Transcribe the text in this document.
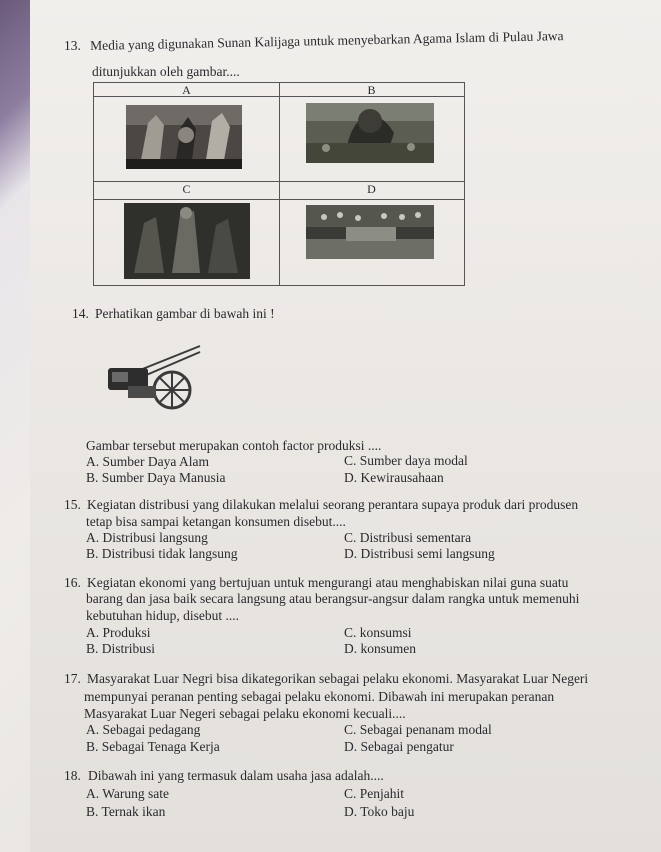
13. Media yang digunakan Sunan Kalijaga untuk menyebarkan Agama Islam di Pulau Jawa
ditunjukkan oleh gambar....
A	B
C	D
14. Perhatikan gambar di bawah ini !
Gambar tersebut merupakan contoh factor produksi ....
A. Sumber Daya Alam
B. Sumber Daya Manusia
C. Sumber daya modal
D. Kewirausahaan
15. Kegiatan distribusi yang dilakukan melalui seorang perantara supaya produk dari produsen
tetap bisa sampai ketangan konsumen disebut....
A. Distribusi langsung
B. Distribusi tidak langsung
C. Distribusi sementara
D. Distribusi semi langsung
16. Kegiatan ekonomi yang bertujuan untuk mengurangi atau menghabiskan nilai guna suatu
barang dan jasa baik secara langsung atau berangsur-angsur dalam rangka untuk memenuhi
kebutuhan hidup, disebut ....
A. Produksi
B. Distribusi
C. konsumsi
D. konsumen
17. Masyarakat Luar Negri bisa dikategorikan sebagai pelaku ekonomi. Masyarakat Luar Negeri
mempunyai peranan penting sebagai pelaku ekonomi. Dibawah ini merupakan peranan
Masyarakat Luar Negeri sebagai pelaku ekonomi kecuali....
A. Sebagai pedagang
B. Sebagai Tenaga Kerja
C. Sebagai penanam modal
D. Sebagai pengatur
18. Dibawah ini yang termasuk dalam usaha jasa adalah....
A. Warung sate
B. Ternak ikan
C. Penjahit
D. Toko baju
